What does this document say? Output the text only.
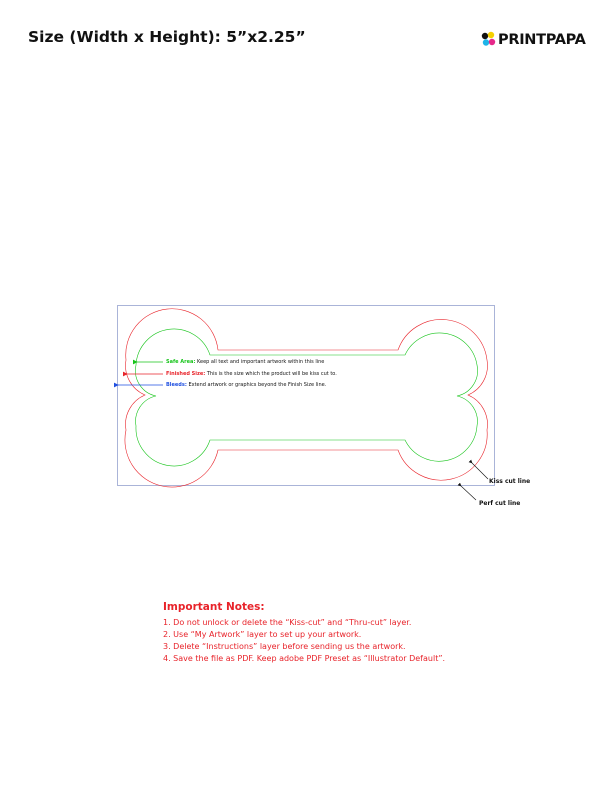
Size (Width x Height): 5”x2.25”	PRINTPAPA
Safe Area: Keep all text and important artwork within this line
Finished Size: This is the size which the product will be kiss cut to.
Bleeds: Extend artwork or graphics beyond the Finish Size line.
Kiss cut line
Perf cut line
Important Notes:
1. Do not unlock or delete the “Kiss-cut” and “Thru-cut” layer.
2. Use “My Artwork” layer to set up your artwork.
3. Delete “Instructions” layer before sending us the artwork.
4. Save the file as PDF. Keep adobe PDF Preset as “Illustrator Default”.
